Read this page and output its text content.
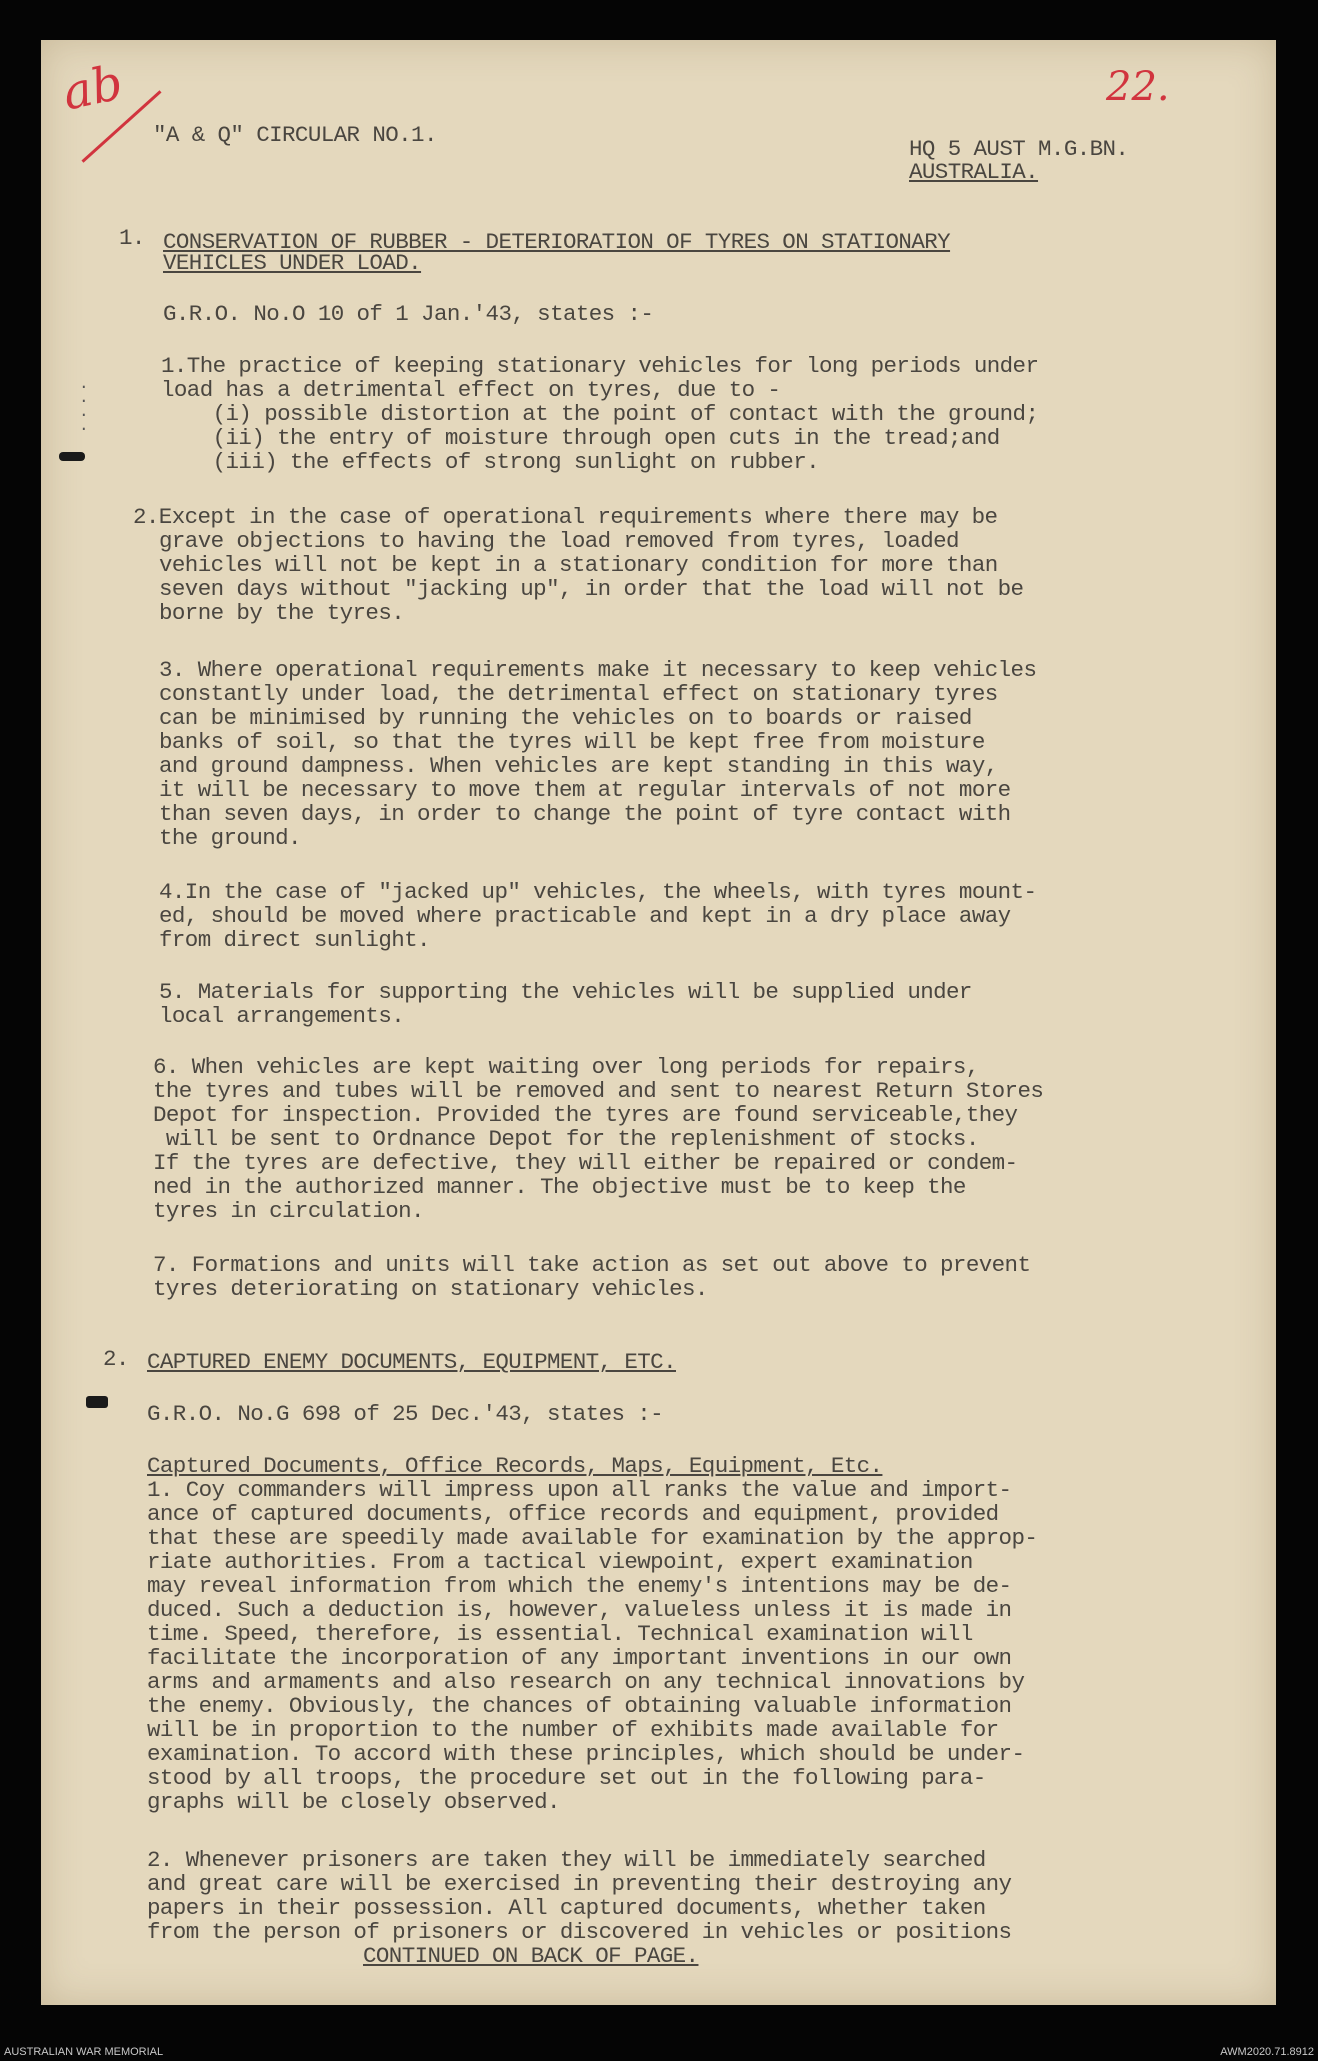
ab	22.
"A & Q" CIRCULAR NO.1.
HQ 5 AUST M.G.BN.
AUSTRALIA.
1. CONSERVATION OF RUBBER - DETERIORATION OF TYRES ON STATIONARY
VEHICLES UNDER LOAD.
G.R.O. No.O 10 of 1 Jan.'43, states :-
1.The practice of keeping stationary vehicles for long periods under
load has a detrimental effect on tyres, due to -
(i) possible distortion at the point of contact with the ground;
(ii) the entry of moisture through open cuts in the tread;and
(iii) the effects of strong sunlight on rubber.
2.Except in the case of operational requirements where there may be
grave objections to having the load removed from tyres, loaded
vehicles will not be kept in a stationary condition for more than
seven days without "jacking up", in order that the load will not be
borne by the tyres.
3. Where operational requirements make it necessary to keep vehicles
constantly under load, the detrimental effect on stationary tyres
can be minimised by running the vehicles on to boards or raised
banks of soil, so that the tyres will be kept free from moisture
and ground dampness. When vehicles are kept standing in this way,
it will be necessary to move them at regular intervals of not more
than seven days, in order to change the point of tyre contact with
the ground.
4.In the case of "jacked up" vehicles, the wheels, with tyres mount-
ed, should be moved where practicable and kept in a dry place away
from direct sunlight.
5. Materials for supporting the vehicles will be supplied under
local arrangements.
6. When vehicles are kept waiting over long periods for repairs,
the tyres and tubes will be removed and sent to nearest Return Stores
Depot for inspection. Provided the tyres are found serviceable,they
will be sent to Ordnance Depot for the replenishment of stocks.
If the tyres are defective, they will either be repaired or condem-
ned in the authorized manner. The objective must be to keep the
tyres in circulation.
7. Formations and units will take action as set out above to prevent
tyres deteriorating on stationary vehicles.
2. CAPTURED ENEMY DOCUMENTS, EQUIPMENT, ETC.
G.R.O. No.G 698 of 25 Dec.'43, states :-
Captured Documents, Office Records, Maps, Equipment, Etc.
1. Coy commanders will impress upon all ranks the value and import-
ance of captured documents, office records and equipment, provided
that these are speedily made available for examination by the approp-
riate authorities. From a tactical viewpoint, expert examination
may reveal information from which the enemy's intentions may be de-
duced. Such a deduction is, however, valueless unless it is made in
time. Speed, therefore, is essential. Technical examination will
facilitate the incorporation of any important inventions in our own
arms and armaments and also research on any technical innovations by
the enemy. Obviously, the chances of obtaining valuable information
will be in proportion to the number of exhibits made available for
examination. To accord with these principles, which should be under-
stood by all troops, the procedure set out in the following para-
graphs will be closely observed.
2. Whenever prisoners are taken they will be immediately searched
and great care will be exercised in preventing their destroying any
papers in their possession. All captured documents, whether taken
from the person of prisoners or discovered in vehicles or positions
CONTINUED ON BACK OF PAGE.
·
·
·
·
AUSTRALIAN WAR MEMORIAL	AWM2020.71.8912
